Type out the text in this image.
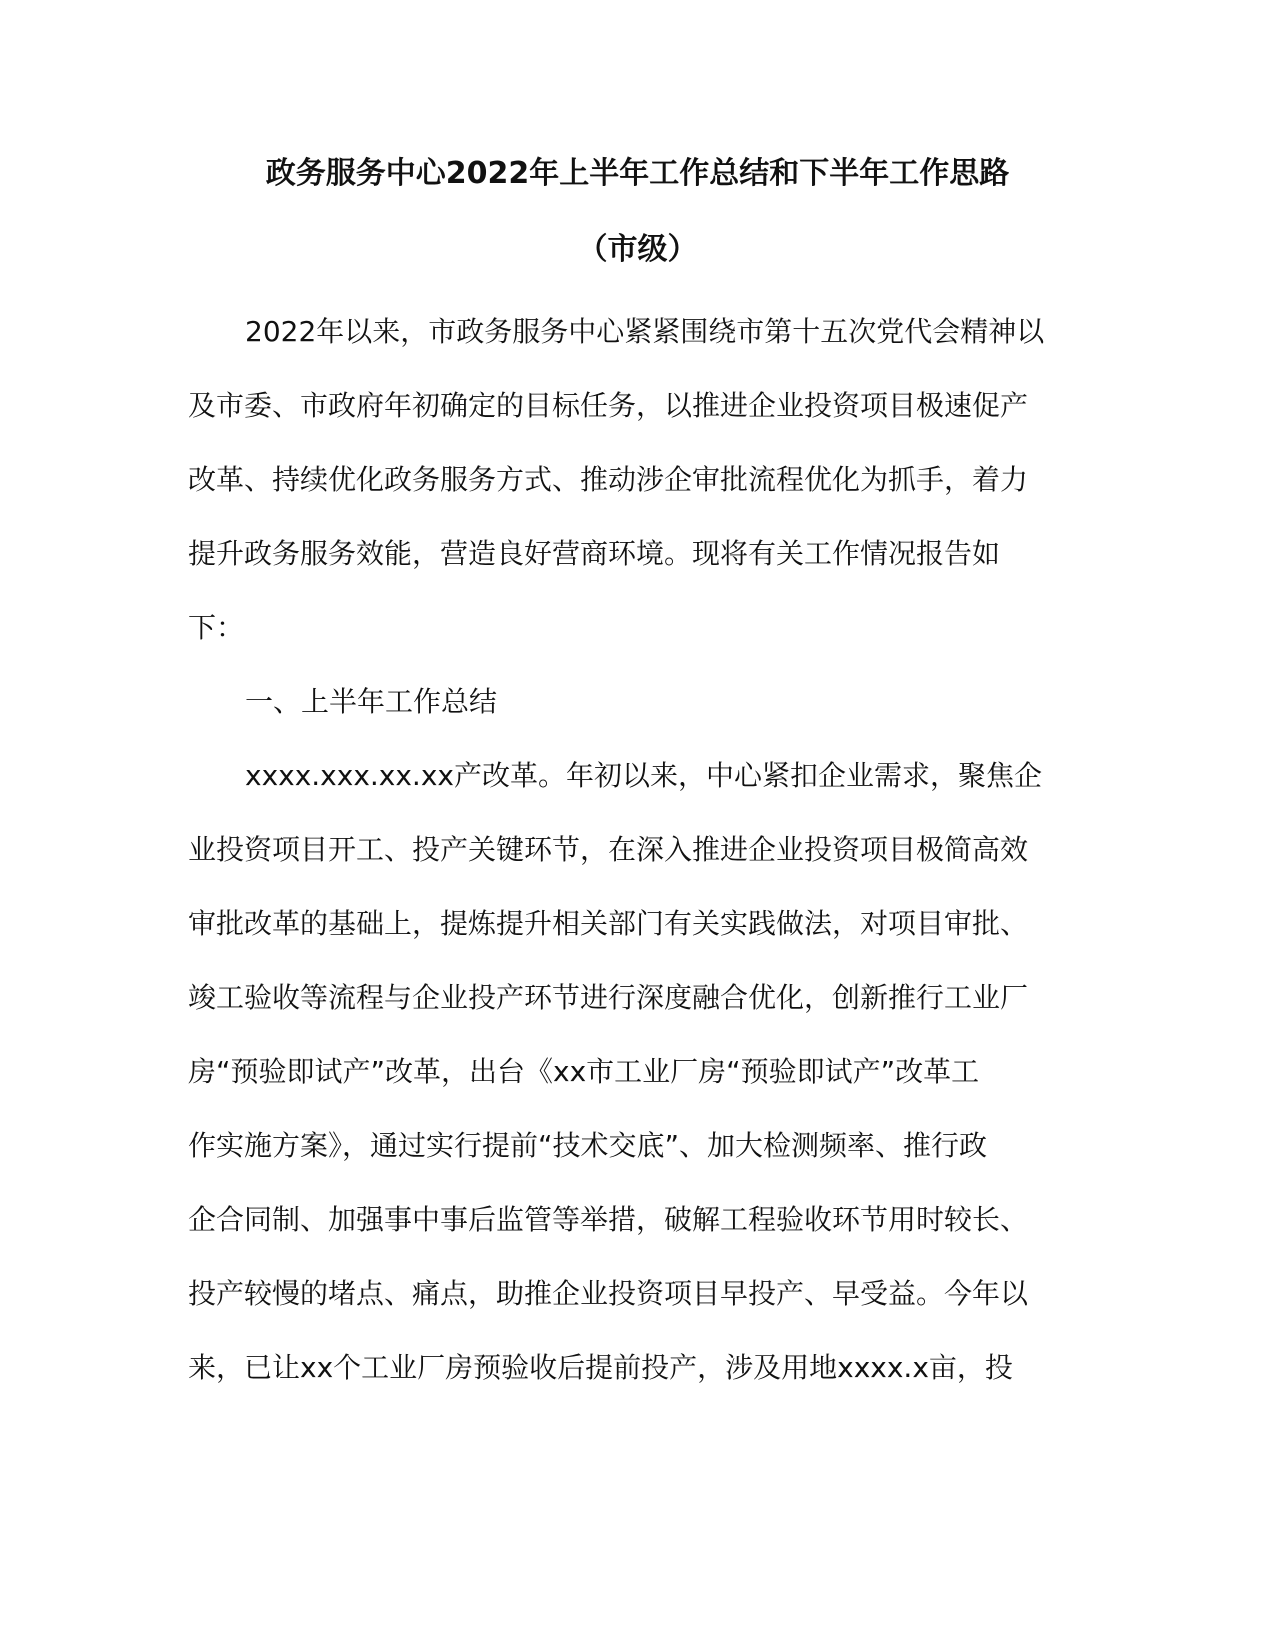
政务服务中心2022年上半年工作总结和下半年工作思路
（市级）
2022年以来，市政务服务中心紧紧围绕市第十五次党代会精神以
及市委、市政府年初确定的目标任务，以推进企业投资项目极速促产
改革、持续优化政务服务方式、推动涉企审批流程优化为抓手，着力
提升政务服务效能，营造良好营商环境。现将有关工作情况报告如
下：
一、上半年工作总结
xxxx.xxx.xx.xx产改革。年初以来，中心紧扣企业需求，聚焦企
业投资项目开工、投产关键环节，在深入推进企业投资项目极简高效
审批改革的基础上，提炼提升相关部门有关实践做法，对项目审批、
竣工验收等流程与企业投产环节进行深度融合优化，创新推行工业厂
房“预验即试产”改革，出台《xx市工业厂房“预验即试产”改革工
作实施方案》，通过实行提前“技术交底”、加大检测频率、推行政
企合同制、加强事中事后监管等举措，破解工程验收环节用时较长、
投产较慢的堵点、痛点，助推企业投资项目早投产、早受益。今年以
来，已让xx个工业厂房预验收后提前投产，涉及用地xxxx.x亩，投
